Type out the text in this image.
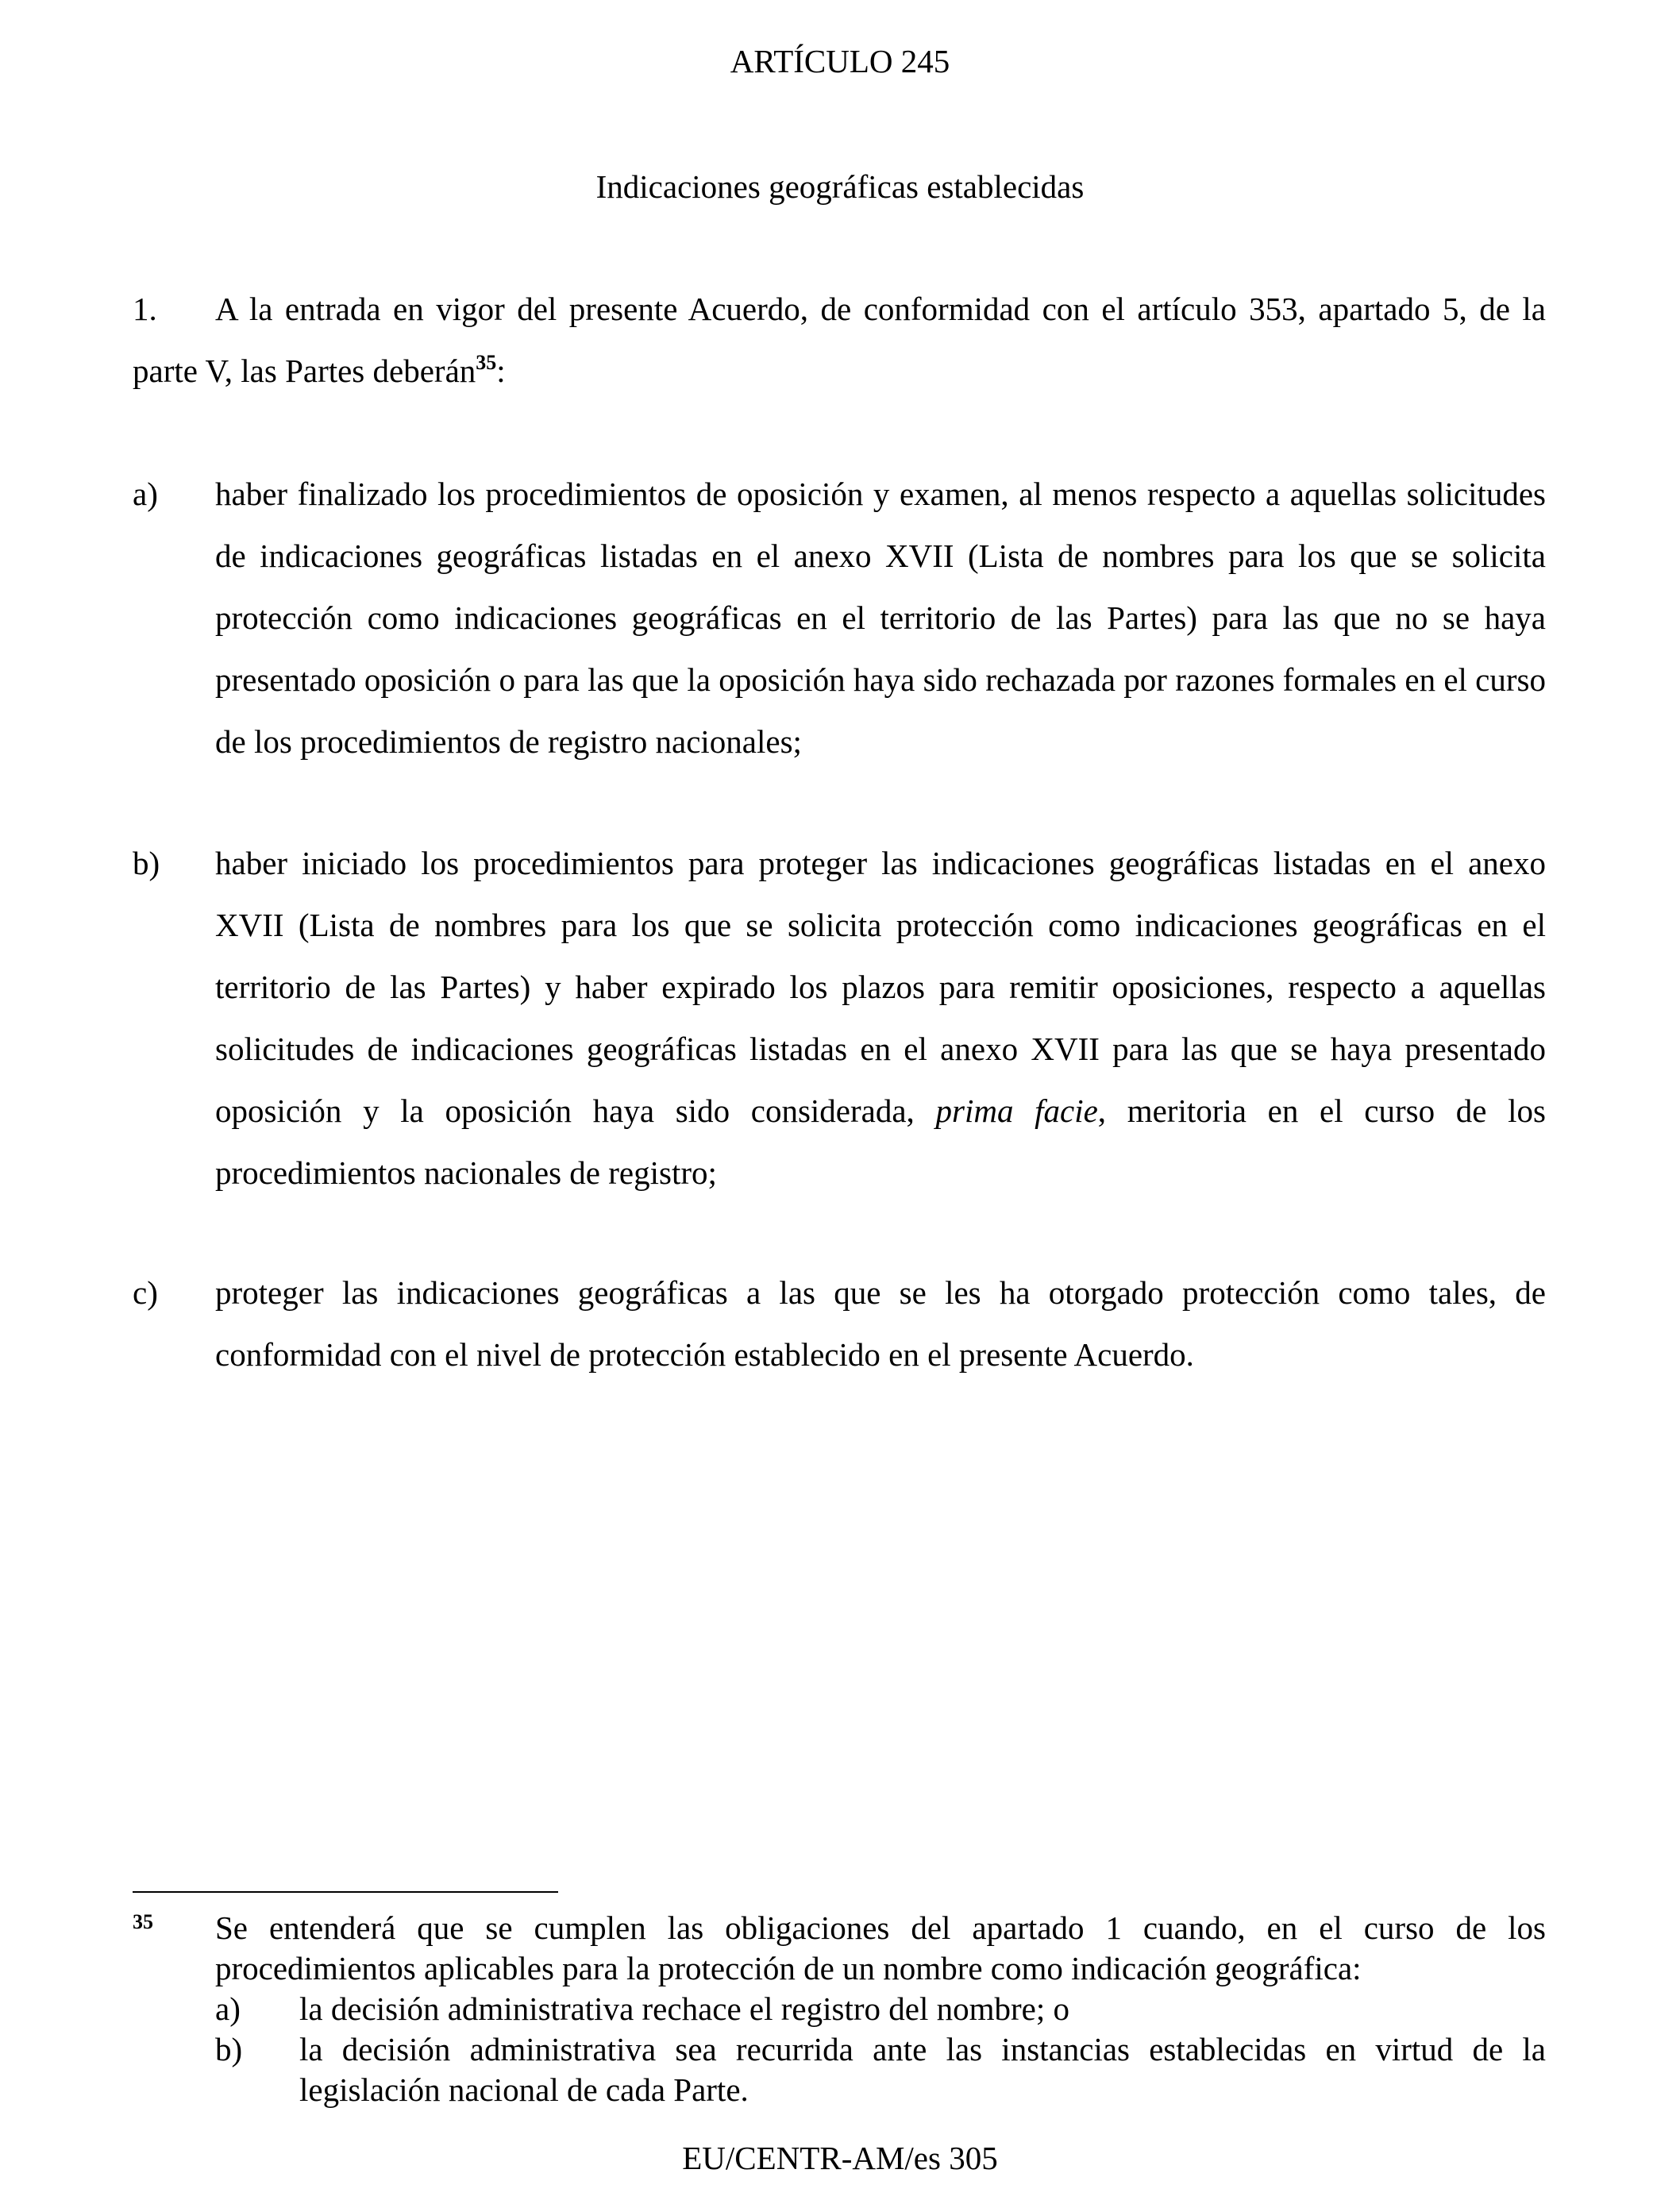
ARTÍCULO 245
Indicaciones geográficas establecidas
1.	A la entrada en vigor del presente Acuerdo, de conformidad con el artículo 353, apartado 5, de la parte V, las Partes deberán$^{35}$:
a) haber finalizado los procedimientos de oposición y examen, al menos respecto a aquellas solicitudes de indicaciones geográficas listadas en el anexo XVII (Lista de nombres para los que se solicita protección como indicaciones geográficas en el territorio de las Partes) para las que no se haya presentado oposición o para las que la oposición haya sido rechazada por razones formales en el curso de los procedimientos de registro nacionales;
b) haber iniciado los procedimientos para proteger las indicaciones geográficas listadas en el anexo XVII (Lista de nombres para los que se solicita protección como indicaciones geográficas en el territorio de las Partes) y haber expirado los plazos para remitir oposiciones, respecto a aquellas solicitudes de indicaciones geográficas listadas en el anexo XVII para las que se haya presentado oposición y la oposición haya sido considerada, prima facie, meritoria en el curso de los procedimientos nacionales de registro;
c) proteger las indicaciones geográficas a las que se les ha otorgado protección como tales, de conformidad con el nivel de protección establecido en el presente Acuerdo.
35 Se entenderá que se cumplen las obligaciones del apartado 1 cuando, en el curso de los procedimientos aplicables para la protección de un nombre como indicación geográfica:
a) la decisión administrativa rechace el registro del nombre; o
b) la decisión administrativa sea recurrida ante las instancias establecidas en virtud de la legislación nacional de cada Parte.
EU/CENTR-AM/es 305
